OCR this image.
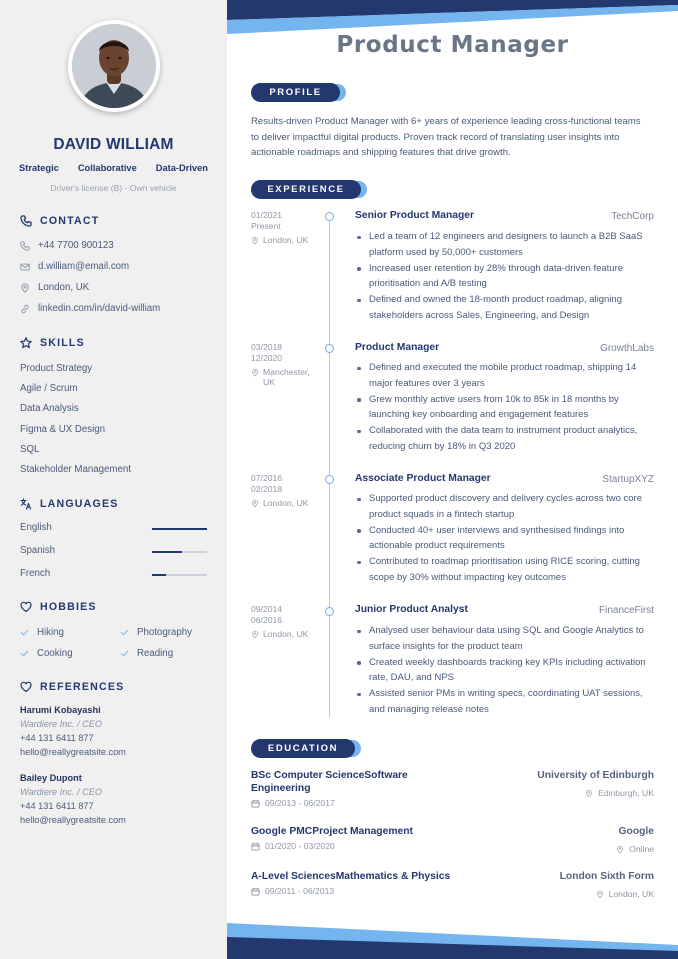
DAVID WILLIAM
Strategic Collaborative Data-Driven
Driver's license (B) - Own vehicle
CONTACT
+44 7700 900123
d.william@email.com
London, UK
linkedin.com/in/david-william
SKILLS
Product Strategy
Agile / Scrum
Data Analysis
Figma & UX Design
SQL
Stakeholder Management
LANGUAGES
English
Spanish
French
HOBBIES
Hiking	Photography
Cooking	Reading
REFERENCES
Harumi Kobayashi
Wardiere Inc. / CEO
+44 131 6411 877
hello@reallygreatsite.com
Bailey Dupont
Wardiere Inc. / CEO
+44 131 6411 877
hello@reallygreatsite.com
Product Manager
PROFILE
Results-driven Product Manager with 6+ years of experience leading cross-functional teams to deliver impactful digital products. Proven track record of translating user insights into actionable roadmaps and shipping features that drive growth.
EXPERIENCE
01/2021
Present
London, UK
Senior Product Manager	TechCorp
Led a team of 12 engineers and designers to launch a B2B SaaS platform used by 50,000+ customers
Increased user retention by 28% through data-driven feature prioritisation and A/B testing
Defined and owned the 18-month product roadmap, aligning stakeholders across Sales, Engineering, and Design
03/2018
12/2020
Manchester, UK
Product Manager	GrowthLabs
Defined and executed the mobile product roadmap, shipping 14 major features over 3 years
Grew monthly active users from 10k to 85k in 18 months by launching key onboarding and engagement features
Collaborated with the data team to instrument product analytics, reducing churn by 18% in Q3 2020
07/2016
02/2018
London, UK
Associate Product Manager	StartupXYZ
Supported product discovery and delivery cycles across two core product squads in a fintech startup
Conducted 40+ user interviews and synthesised findings into actionable product requirements
Contributed to roadmap prioritisation using RICE scoring, cutting scope by 30% without impacting key outcomes
09/2014
06/2016
London, UK
Junior Product Analyst	FinanceFirst
Analysed user behaviour data using SQL and Google Analytics to surface insights for the product team
Created weekly dashboards tracking key KPIs including activation rate, DAU, and NPS
Assisted senior PMs in writing specs, coordinating UAT sessions, and managing release notes
EDUCATION
BSc Computer ScienceSoftware Engineering
09/2013 - 06/2017
University of Edinburgh
Edinburgh, UK
Google PMCProject Management
01/2020 - 03/2020
Google
Online
A-Level SciencesMathematics & Physics
09/2011 - 06/2013
London Sixth Form
London, UK
